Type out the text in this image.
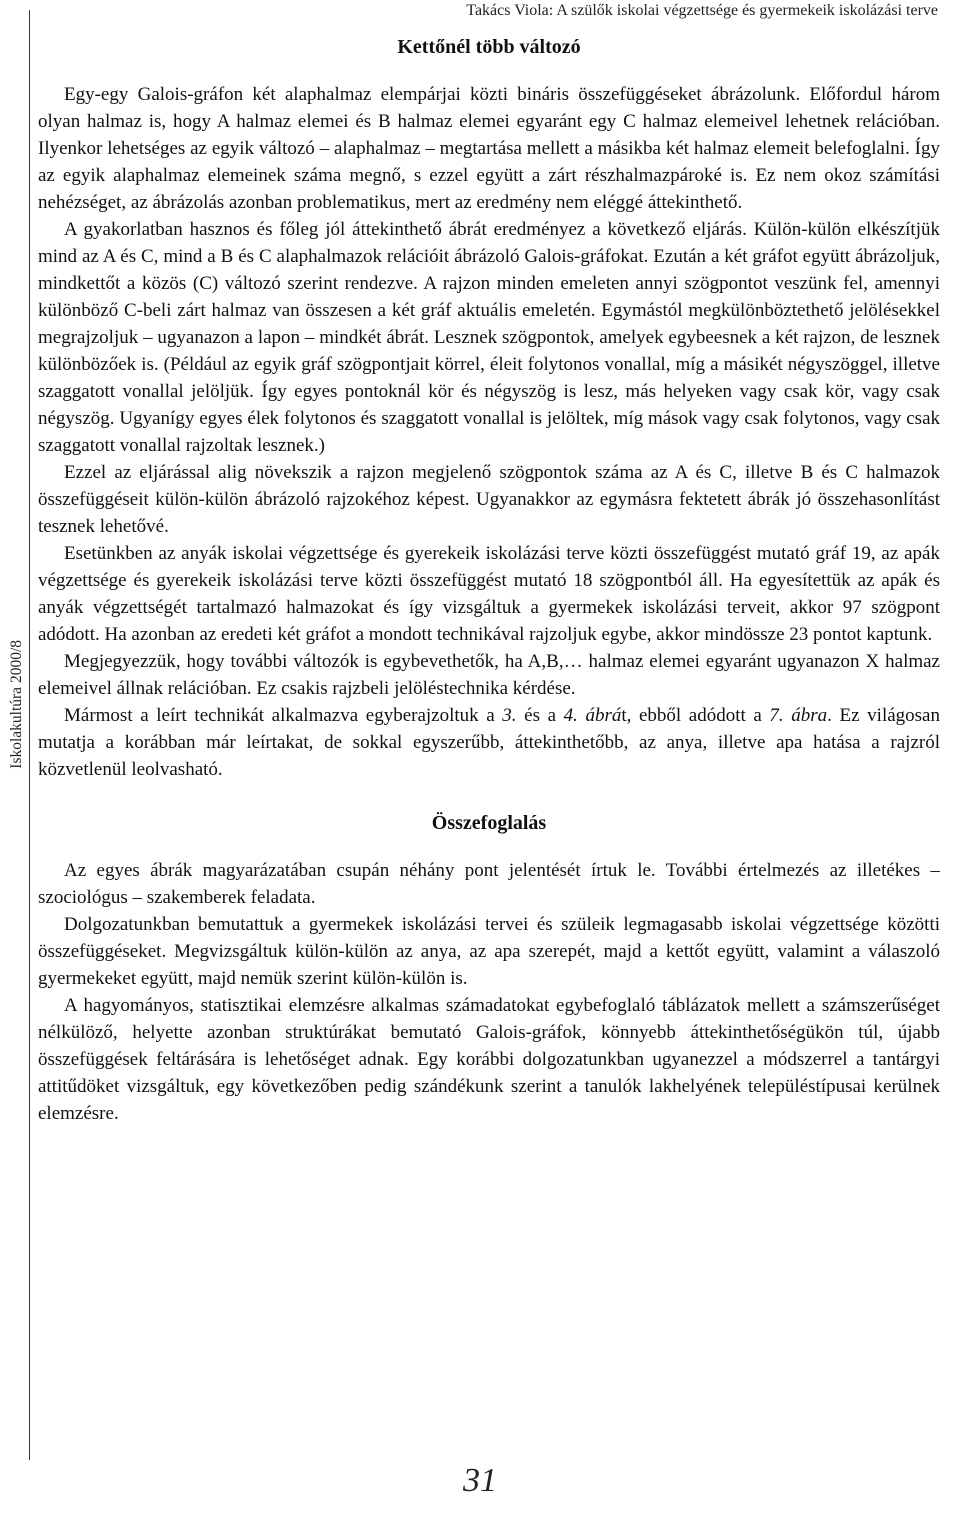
Iskolakultúra 2000/8
Takács Viola: A szülők iskolai végzettsége és gyermekeik iskolázási terve
Kettőnél több változó

Egy-egy Galois-gráfon két alaphalmaz elempárjai közti bináris összefüggéseket ábrázolunk. Előfordul három olyan halmaz is, hogy A halmaz elemei és B halmaz elemei egyaránt egy C halmaz elemeivel lehetnek relációban. Ilyenkor lehetséges az egyik változó – alaphalmaz – megtartása mellett a másikba két halmaz elemeit belefoglalni. Így az egyik alaphalmaz elemeinek száma megnő, s ezzel együtt a zárt részhalmazpároké is. Ez nem okoz számítási nehézséget, az ábrázolás azonban problematikus, mert az eredmény nem eléggé áttekinthető.

A gyakorlatban hasznos és főleg jól áttekinthető ábrát eredményez a következő eljárás. Külön-külön elkészítjük mind az A és C, mind a B és C alaphalmazok relációit ábrázoló Galois-gráfokat. Ezután a két gráfot együtt ábrázoljuk, mindkettőt a közös (C) változó szerint rendezve. A rajzon minden emeleten annyi szögpontot veszünk fel, amennyi különböző C-beli zárt halmaz van összesen a két gráf aktuális emeletén. Egymástól megkülönböztethető jelölésekkel megrajzoljuk – ugyanazon a lapon – mindkét ábrát. Lesznek szögpontok, amelyek egybeesnek a két rajzon, de lesznek különbözőek is. (Például az egyik gráf szögpontjait körrel, éleit folytonos vonallal, míg a másikét négyszöggel, illetve szaggatott vonallal jelöljük. Így egyes pontoknál kör és négyszög is lesz, más helyeken vagy csak kör, vagy csak négyszög. Ugyanígy egyes élek folytonos és szaggatott vonallal is jelöltek, míg mások vagy csak folytonos, vagy csak szaggatott vonallal rajzoltak lesznek.)

Ezzel az eljárással alig növekszik a rajzon megjelenő szögpontok száma az A és C, illetve B és C halmazok összefüggéseit külön-külön ábrázoló rajzokéhoz képest. Ugyanakkor az egymásra fektetett ábrák jó összehasonlítást tesznek lehetővé.

Esetünkben az anyák iskolai végzettsége és gyerekeik iskolázási terve közti összefüggést mutató gráf 19, az apák végzettsége és gyerekeik iskolázási terve közti összefüggést mutató 18 szögpontból áll. Ha egyesítettük az apák és anyák végzettségét tartalmazó halmazokat és így vizsgáltuk a gyermekek iskolázási terveit, akkor 97 szögpont adódott. Ha azonban az eredeti két gráfot a mondott technikával rajzoljuk egybe, akkor mindössze 23 pontot kaptunk.

Megjegyezzük, hogy további változók is egybevethetők, ha A,B,… halmaz elemei egyaránt ugyanazon X halmaz elemeivel állnak relációban. Ez csakis rajzbeli jelöléstechnika kérdése.

Mármost a leírt technikát alkalmazva egyberajzoltuk a 3. és a 4. ábrát, ebből adódott a 7. ábra. Ez világosan mutatja a korábban már leírtakat, de sokkal egyszerűbb, áttekinthetőbb, az anya, illetve apa hatása a rajzról közvetlenül leolvasható.

Összefoglalás

Az egyes ábrák magyarázatában csupán néhány pont jelentését írtuk le. További értelmezés az illetékes – szociológus – szakemberek feladata.

Dolgozatunkban bemutattuk a gyermekek iskolázási tervei és szüleik legmagasabb iskolai végzettsége közötti összefüggéseket. Megvizsgáltuk külön-külön az anya, az apa szerepét, majd a kettőt együtt, valamint a válaszoló gyermekeket együtt, majd nemük szerint külön-külön is.

A hagyományos, statisztikai elemzésre alkalmas számadatokat egybefoglaló táblázatok mellett a számszerűséget nélkülöző, helyette azonban struktúrákat bemutató Galois-gráfok, könnyebb áttekinthetőségükön túl, újabb összefüggések feltárására is lehetőséget adnak. Egy korábbi dolgozatunkban ugyanezzel a módszerrel a tantárgyi attitűdöket vizsgáltuk, egy következőben pedig szándékunk szerint a tanulók lakhelyének településtípusai kerülnek elemzésre.

31
